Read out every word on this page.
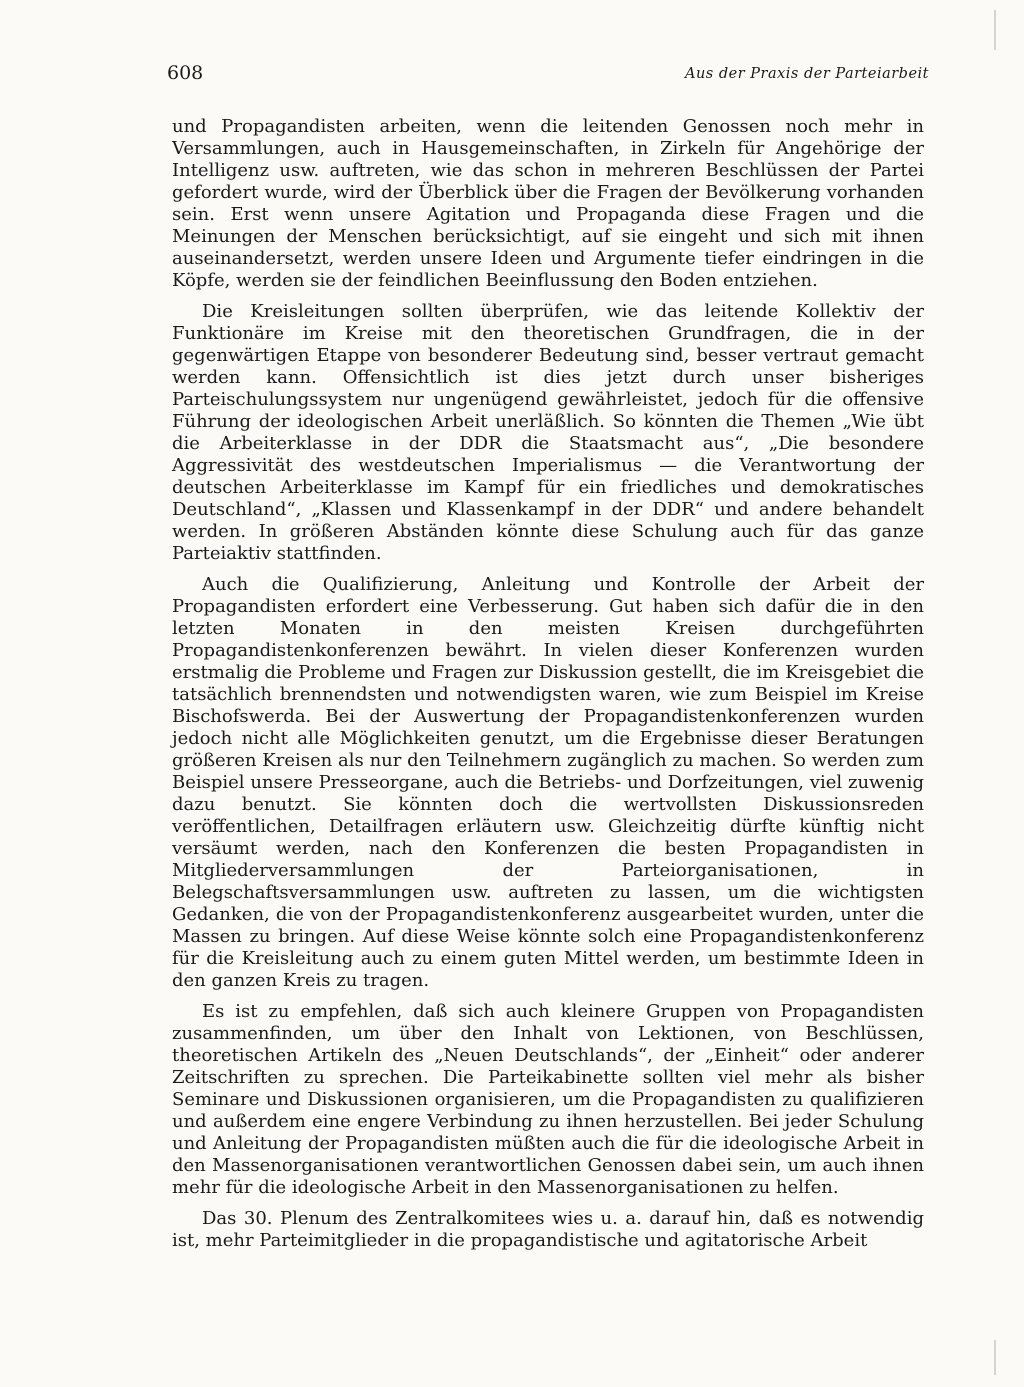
608	Aus der Praxis der Parteiarbeit

und Propagandisten arbeiten, wenn die leitenden Genossen noch mehr in Versammlungen, auch in Hausgemeinschaften, in Zirkeln für Angehörige der Intelligenz usw. auftreten, wie das schon in mehreren Beschlüssen der Partei gefordert wurde, wird der Überblick über die Fragen der Bevölkerung vorhanden sein. Erst wenn unsere Agitation und Propaganda diese Fragen und die Meinungen der Menschen berücksichtigt, auf sie eingeht und sich mit ihnen auseinandersetzt, werden unsere Ideen und Argumente tiefer eindringen in die Köpfe, werden sie der feindlichen Beeinflussung den Boden entziehen.

Die Kreisleitungen sollten überprüfen, wie das leitende Kollektiv der Funktionäre im Kreise mit den theoretischen Grundfragen, die in der gegenwärtigen Etappe von besonderer Bedeutung sind, besser vertraut gemacht werden kann. Offensichtlich ist dies jetzt durch unser bisheriges Parteischulungssystem nur ungenügend gewährleistet, jedoch für die offensive Führung der ideologischen Arbeit unerläßlich. So könnten die Themen „Wie übt die Arbeiterklasse in der DDR die Staatsmacht aus“, „Die besondere Aggressivität des westdeutschen Imperialismus — die Verantwortung der deutschen Arbeiterklasse im Kampf für ein friedliches und demokratisches Deutschland“, „Klassen und Klassenkampf in der DDR“ und andere behandelt werden. In größeren Abständen könnte diese Schulung auch für das ganze Parteiaktiv stattfinden.

Auch die Qualifizierung, Anleitung und Kontrolle der Arbeit der Propagandisten erfordert eine Verbesserung. Gut haben sich dafür die in den letzten Monaten in den meisten Kreisen durchgeführten Propagandistenkonferenzen bewährt. In vielen dieser Konferenzen wurden erstmalig die Probleme und Fragen zur Diskussion gestellt, die im Kreisgebiet die tatsächlich brennendsten und notwendigsten waren, wie zum Beispiel im Kreise Bischofswerda. Bei der Auswertung der Propagandistenkonferenzen wurden jedoch nicht alle Möglichkeiten genutzt, um die Ergebnisse dieser Beratungen größeren Kreisen als nur den Teilnehmern zugänglich zu machen. So werden zum Beispiel unsere Presseorgane, auch die Betriebs- und Dorfzeitungen, viel zuwenig dazu benutzt. Sie könnten doch die wertvollsten Diskussionsreden veröffentlichen, Detailfragen erläutern usw. Gleichzeitig dürfte künftig nicht versäumt werden, nach den Konferenzen die besten Propagandisten in Mitgliederversammlungen der Parteiorganisationen, in Belegschaftsversammlungen usw. auftreten zu lassen, um die wichtigsten Gedanken, die von der Propagandistenkonferenz ausgearbeitet wurden, unter die Massen zu bringen. Auf diese Weise könnte solch eine Propagandistenkonferenz für die Kreisleitung auch zu einem guten Mittel werden, um bestimmte Ideen in den ganzen Kreis zu tragen.

Es ist zu empfehlen, daß sich auch kleinere Gruppen von Propagandisten zusammenfinden, um über den Inhalt von Lektionen, von Beschlüssen, theoretischen Artikeln des „Neuen Deutschlands“, der „Einheit“ oder anderer Zeitschriften zu sprechen. Die Parteikabinette sollten viel mehr als bisher Seminare und Diskussionen organisieren, um die Propagandisten zu qualifizieren und außerdem eine engere Verbindung zu ihnen herzustellen. Bei jeder Schulung und Anleitung der Propagandisten müßten auch die für die ideologische Arbeit in den Massenorganisationen verantwortlichen Genossen dabei sein, um auch ihnen mehr für die ideologische Arbeit in den Massenorganisationen zu helfen.

Das 30. Plenum des Zentralkomitees wies u. a. darauf hin, daß es notwendig ist, mehr Parteimitglieder in die propagandistische und agitatorische Arbeit
